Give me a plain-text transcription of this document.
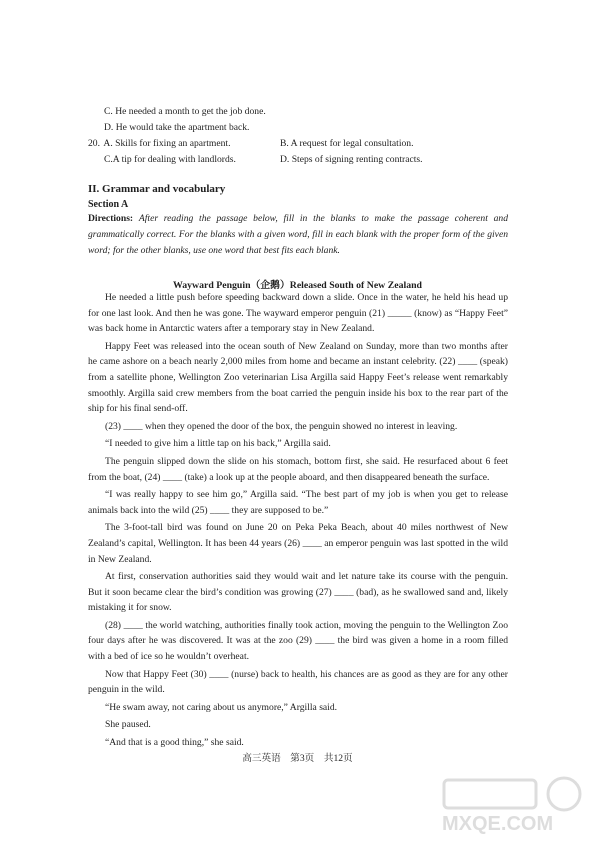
C. He needed a month to get the job done.
D. He would take the apartment back.
20. A. Skills for fixing an apartment.	B. A request for legal consultation.
C.A tip for dealing with landlords.	D. Steps of signing renting contracts.
II. Grammar and vocabulary
Section A
Directions: After reading the passage below, fill in the blanks to make the passage coherent and grammatically correct. For the blanks with a given word, fill in each blank with the proper form of the given word; for the other blanks, use one word that best fits each blank.
Wayward Penguin（企鹅）Released South of New Zealand

He needed a little push before speeding backward down a slide. Once in the water, he held his head up for one last look. And then he was gone. The wayward emperor penguin (21) _____ (know) as “Happy Feet” was back home in Antarctic waters after a temporary stay in New Zealand.

Happy Feet was released into the ocean south of New Zealand on Sunday, more than two months after he came ashore on a beach nearly 2,000 miles from home and became an instant celebrity. (22) ____ (speak) from a satellite phone, Wellington Zoo veterinarian Lisa Argilla said Happy Feet’s release went remarkably smoothly. Argilla said crew members from the boat carried the penguin inside his box to the rear part of the ship for his final send-off.

(23) ____ when they opened the door of the box, the penguin showed no interest in leaving.

“I needed to give him a little tap on his back,” Argilla said.

The penguin slipped down the slide on his stomach, bottom first, she said. He resurfaced about 6 feet from the boat, (24) ____ (take) a look up at the people aboard, and then disappeared beneath the surface.

“I was really happy to see him go,” Argilla said. “The best part of my job is when you get to release animals back into the wild (25) ____ they are supposed to be.”

The 3-foot-tall bird was found on June 20 on Peka Peka Beach, about 40 miles northwest of New Zealand’s capital, Wellington. It has been 44 years (26) ____ an emperor penguin was last spotted in the wild in New Zealand.

At first, conservation authorities said they would wait and let nature take its course with the penguin. But it soon became clear the bird’s condition was growing (27) ____ (bad), as he swallowed sand and, likely mistaking it for snow.

(28) ____ the world watching, authorities finally took action, moving the penguin to the Wellington Zoo four days after he was discovered. It was at the zoo (29) ____ the bird was given a home in a room filled with a bed of ice so he wouldn’t overheat.

Now that Happy Feet (30) ____ (nurse) back to health, his chances are as good as they are for any other penguin in the wild.

“He swam away, not caring about us anymore,” Argilla said.

She paused.

“And that is a good thing,” she said.

高三英语　第3页　共12页
MXQE.COM
